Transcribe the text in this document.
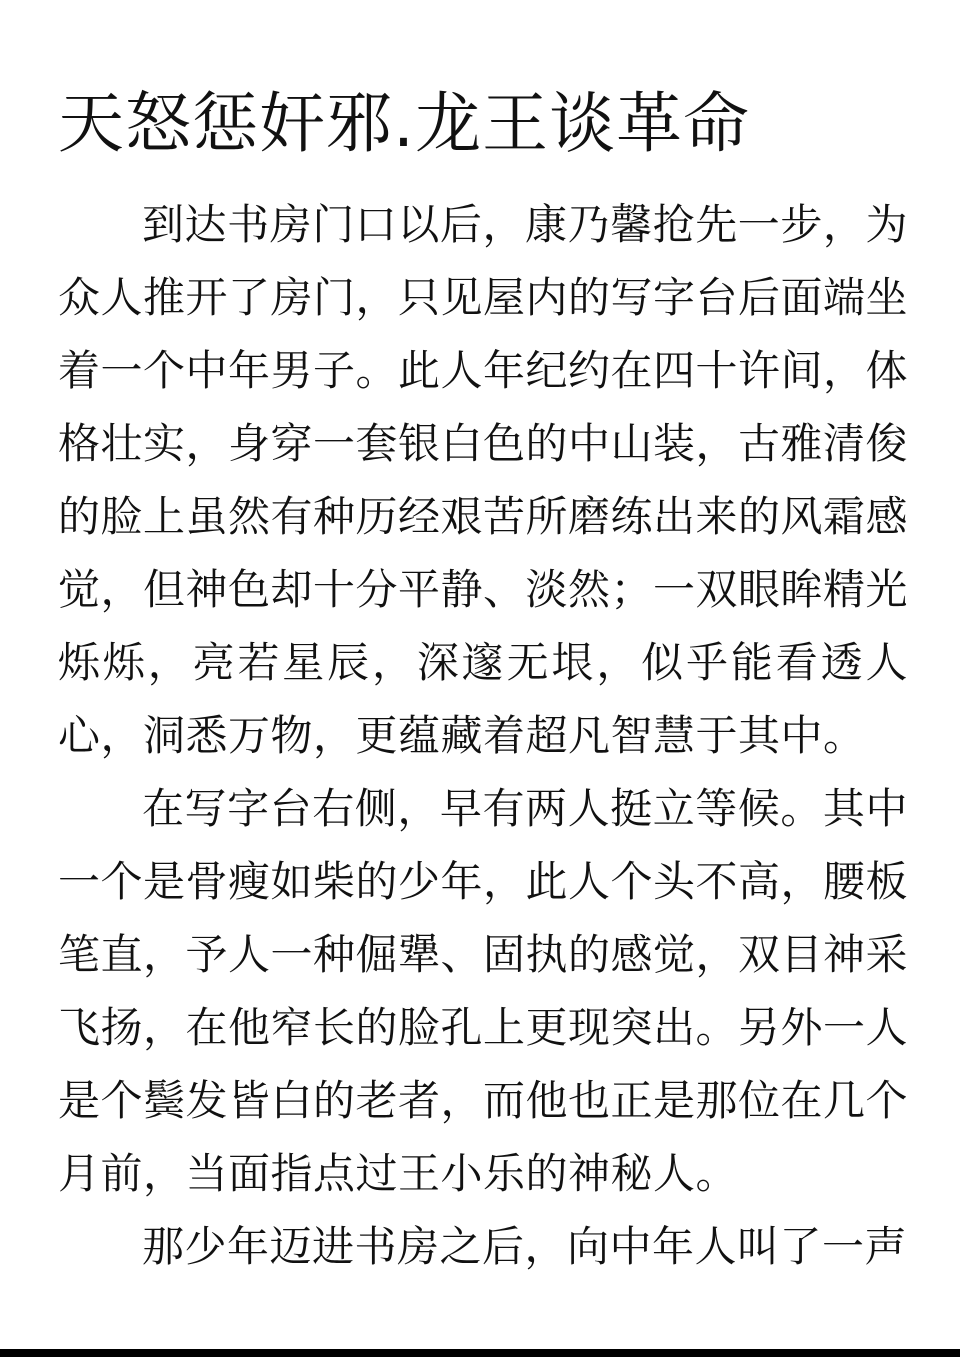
天怒惩奸邪.龙王谈革命

到达书房门口以后，康乃馨抢先一步，为众人推开了房门，只见屋内的写字台后面端坐着一个中年男子。此人年纪约在四十许间，体格壮实，身穿一套银白色的中山装，古雅清俊的脸上虽然有种历经艰苦所磨练出来的风霜感觉，但神色却十分平静、淡然；一双眼眸精光烁烁，亮若星辰，深邃无垠，似乎能看透人心，洞悉万物，更蕴藏着超凡智慧于其中。

在写字台右侧，早有两人挺立等候。其中一个是骨瘦如柴的少年，此人个头不高，腰板笔直，予人一种倔犟、固执的感觉，双目神采飞扬，在他窄长的脸孔上更现突出。另外一人是个鬓发皆白的老者，而他也正是那位在几个月前，当面指点过王小乐的神秘人。

那少年迈进书房之后，向中年人叫了一声
